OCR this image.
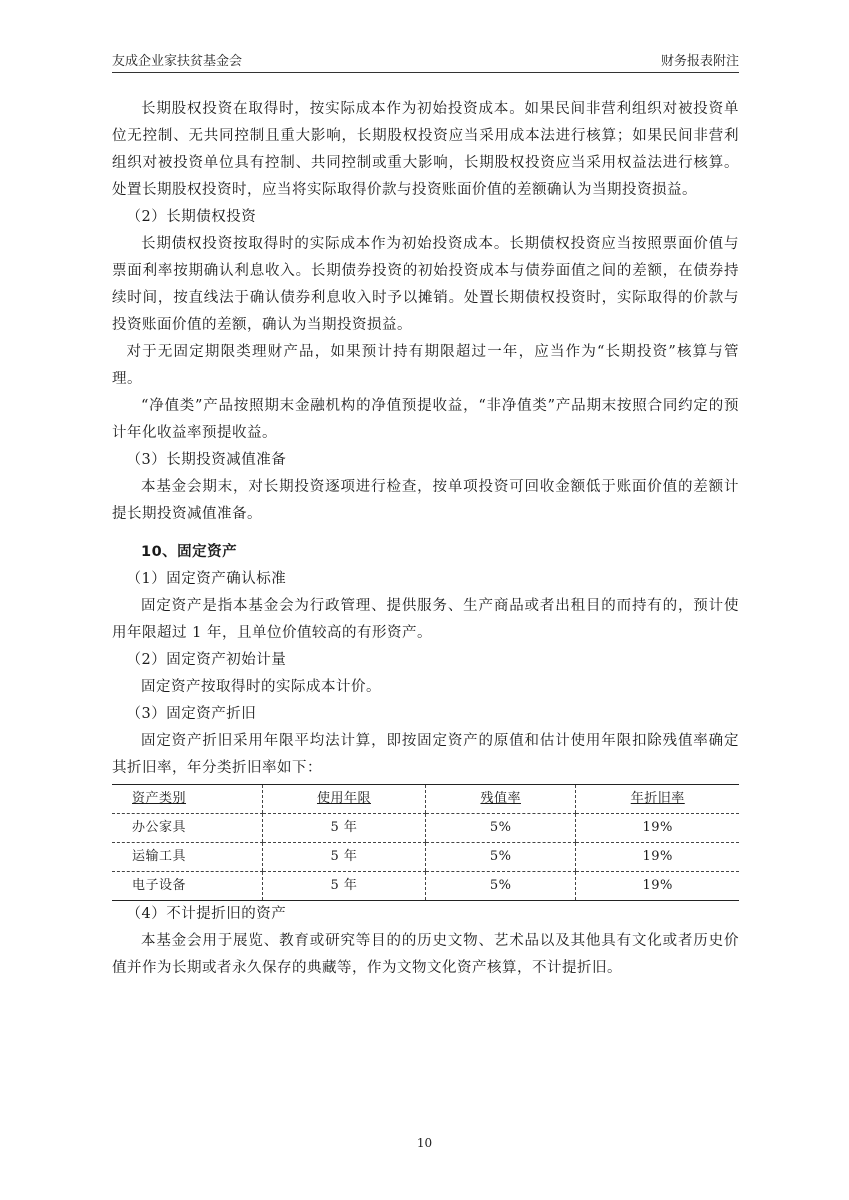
友成企业家扶贫基金会	财务报表附注

长期股权投资在取得时，按实际成本作为初始投资成本。如果民间非营利组织对被投资单位无控制、无共同控制且重大影响，长期股权投资应当采用成本法进行核算；如果民间非营利组织对被投资单位具有控制、共同控制或重大影响，长期股权投资应当采用权益法进行核算。处置长期股权投资时，应当将实际取得价款与投资账面价值的差额确认为当期投资损益。

（2）长期债权投资

长期债权投资按取得时的实际成本作为初始投资成本。长期债权投资应当按照票面价值与票面利率按期确认利息收入。长期债券投资的初始投资成本与债券面值之间的差额，在债券持续时间，按直线法于确认债券利息收入时予以摊销。处置长期债权投资时，实际取得的价款与投资账面价值的差额，确认为当期投资损益。

对于无固定期限类理财产品，如果预计持有期限超过一年，应当作为“长期投资”核算与管理。

“净值类”产品按照期末金融机构的净值预提收益，“非净值类”产品期末按照合同约定的预计年化收益率预提收益。

（3）长期投资减值准备

本基金会期末，对长期投资逐项进行检查，按单项投资可回收金额低于账面价值的差额计提长期投资减值准备。

10、固定资产

（1）固定资产确认标准

固定资产是指本基金会为行政管理、提供服务、生产商品或者出租目的而持有的，预计使用年限超过 1 年，且单位价值较高的有形资产。

（2）固定资产初始计量

固定资产按取得时的实际成本计价。

（3）固定资产折旧

固定资产折旧采用年限平均法计算，即按固定资产的原值和估计使用年限扣除残值率确定其折旧率，年分类折旧率如下：

资产类别	使用年限	残值率	年折旧率
办公家具	5 年	5%	19%
运输工具	5 年	5%	19%
电子设备	5 年	5%	19%

（4）不计提折旧的资产

本基金会用于展览、教育或研究等目的的历史文物、艺术品以及其他具有文化或者历史价值并作为长期或者永久保存的典藏等，作为文物文化资产核算，不计提折旧。

10
